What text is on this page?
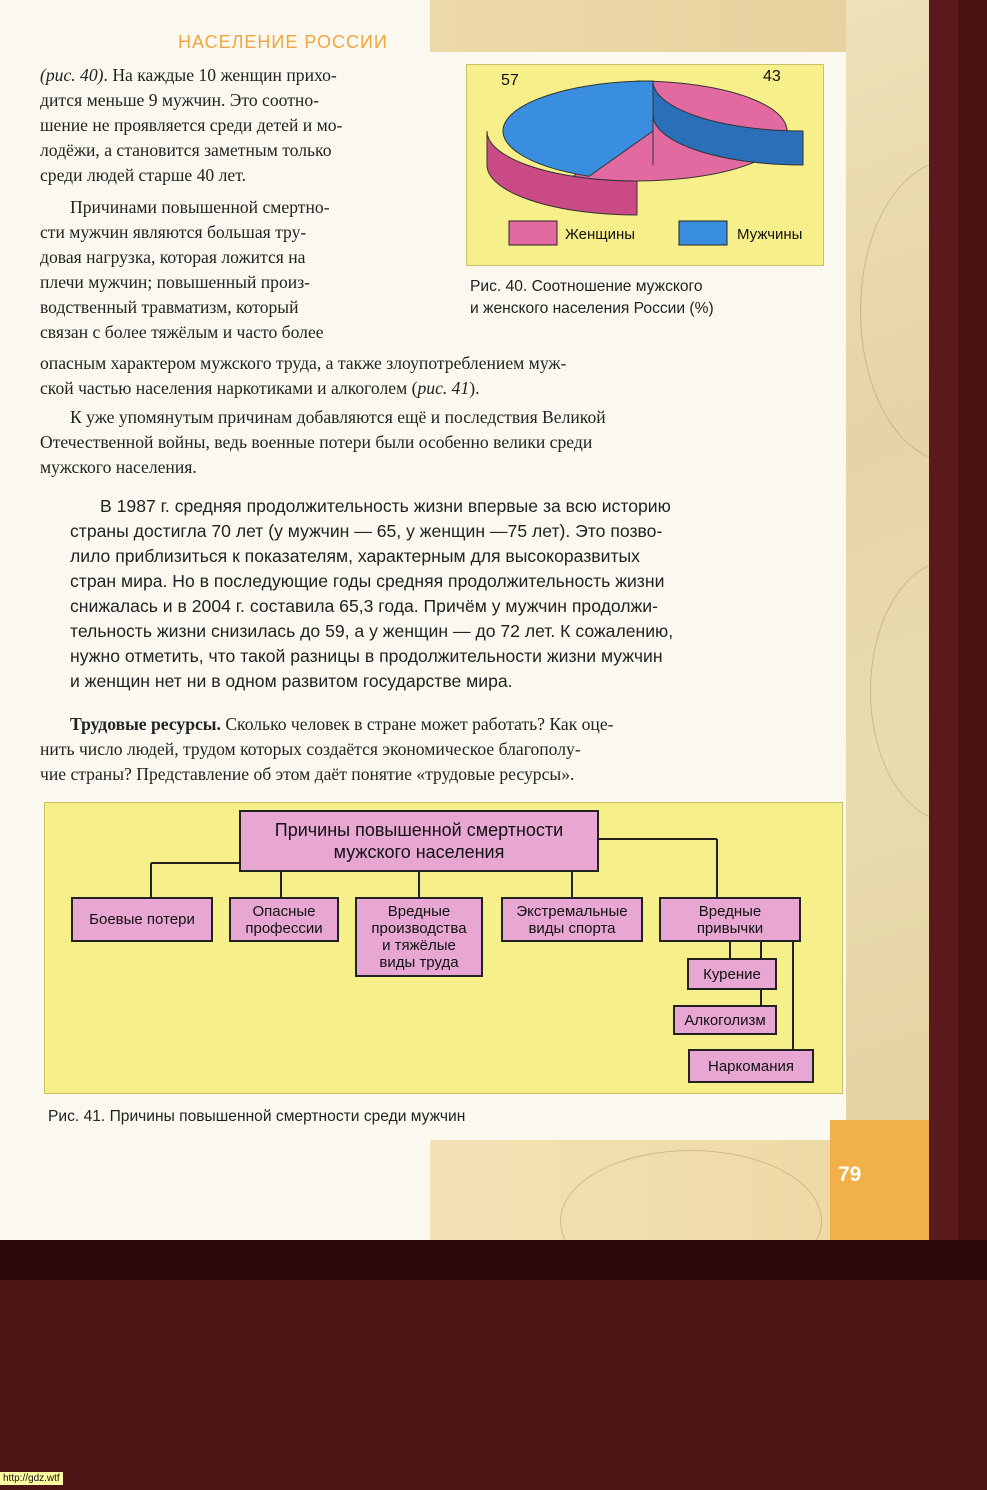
79
НАСЕЛЕНИЕ РОССИИ
(рис. 40). На каждые 10 женщин прихо-
дится меньше 9 мужчин. Это соотно-
шение не проявляется среди детей и мо-
лодёжи, а становится заметным только
среди людей старше 40 лет.
Причинами повышенной смертно-
сти мужчин являются большая тру-
довая нагрузка, которая ложится на
плечи мужчин; повышенный произ-
водственный травматизм, который
связан с более тяжёлым и часто более
опасным характером мужского труда, а также злоупотреблением муж-
ской частью населения наркотиками и алкоголем (рис. 41).
К уже упомянутым причинам добавляются ещё и последствия Великой
Отечественной войны, ведь военные потери были особенно велики среди
мужского населения.
В 1987 г. средняя продолжительность жизни впервые за всю историю
страны достигла 70 лет (у мужчин — 65, у женщин —75 лет). Это позво-
лило приблизиться к показателям, характерным для высокоразвитых
стран мира. Но в последующие годы средняя продолжительность жизни
снижалась и в 2004 г. составила 65,3 года. Причём у мужчин продолжи-
тельность жизни снизилась до 59, а у женщин — до 72 лет. К сожалению,
нужно отметить, что такой разницы в продолжительности жизни мужчин
и женщин нет ни в одном развитом государстве мира.
Трудовые ресурсы. Сколько человек в стране может работать? Как оце-
нить число людей, трудом которых создаётся экономическое благополу-
чие страны? Представление об этом даёт понятие «трудовые ресурсы».
57	43
Женщины	Мужчины
Рис. 40. Соотношение мужского
и женского населения России (%)
Причины повышенной смертности
мужского населения
Боевые потери	Опасные
профессии
Вредные
производства
и тяжёлые
виды труда
Экстремальные
виды спорта
Вредные
привычки
Курение
Алкоголизм
Наркомания
Рис. 41. Причины повышенной смертности среди мужчин
http://gdz.wtf
